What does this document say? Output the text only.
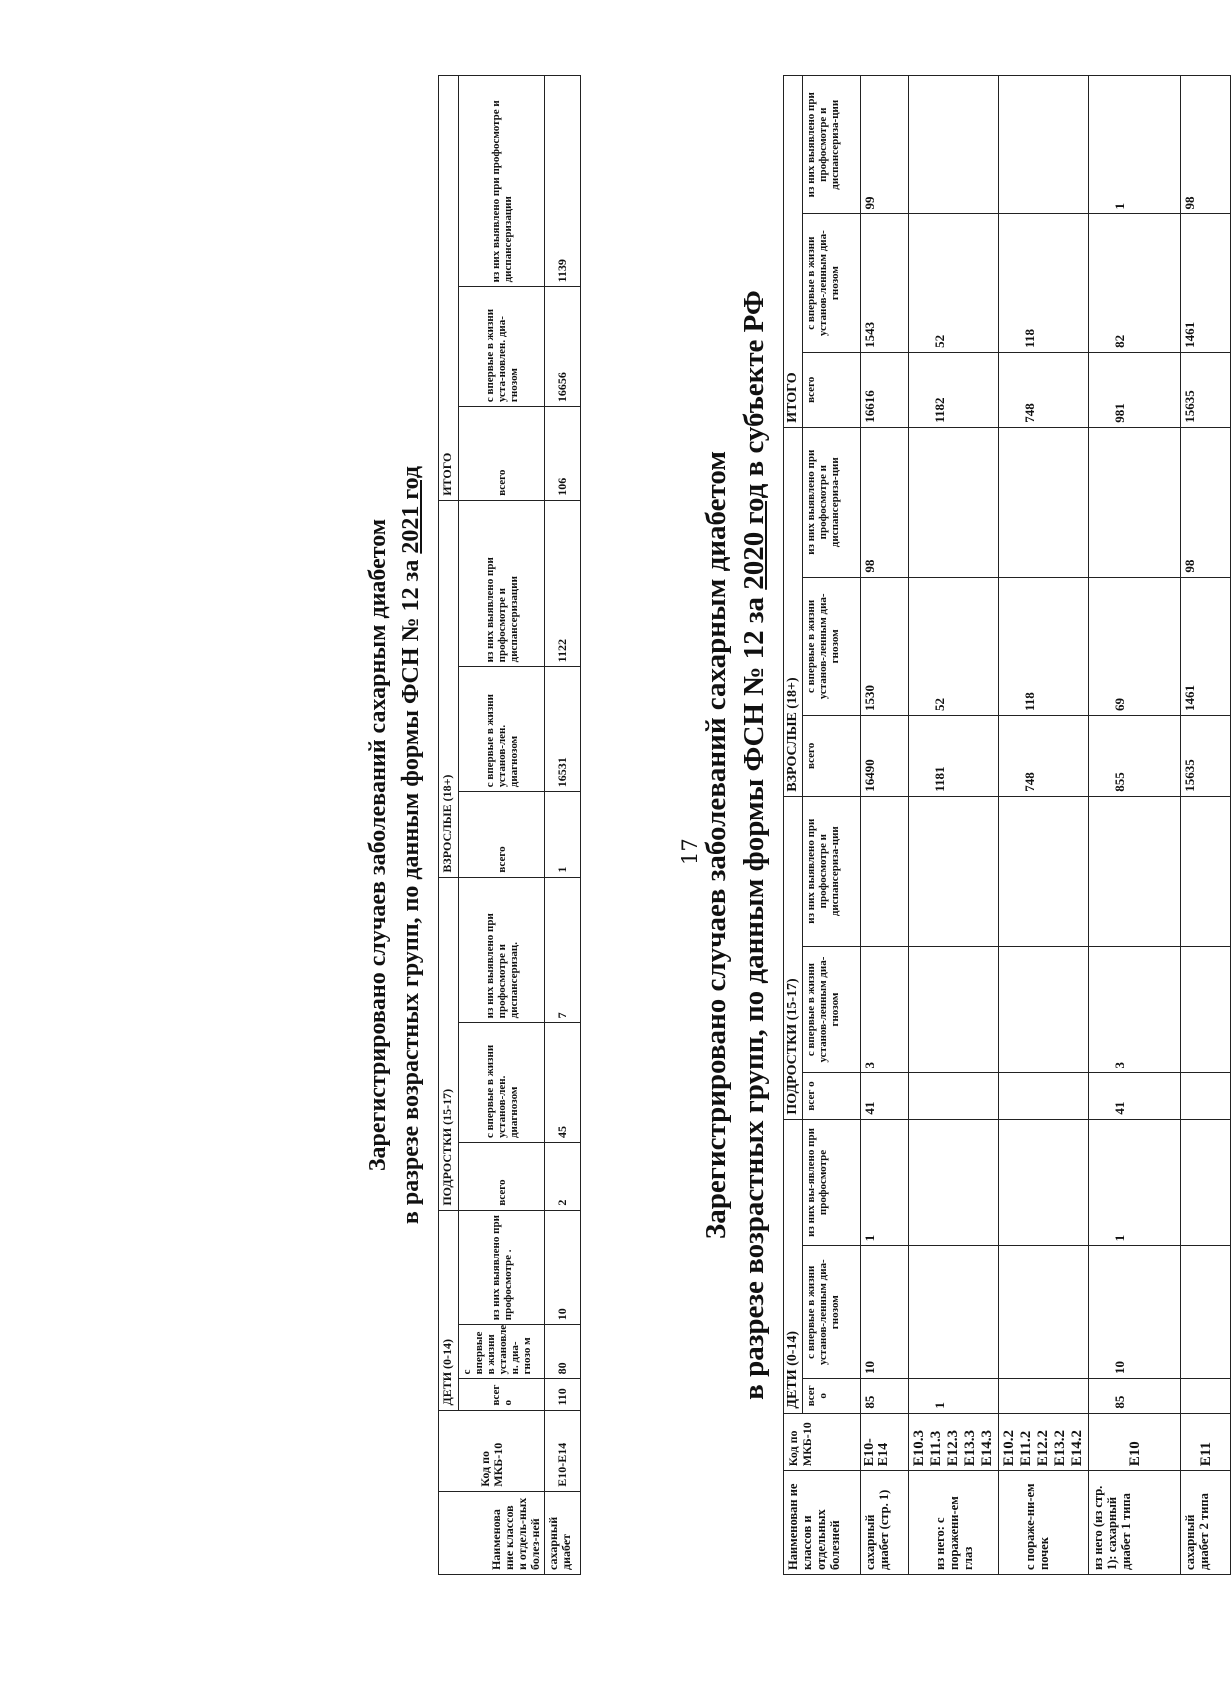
17
Зарегистрировано случаев заболеваний сахарным диабетом в разрезе возрастных групп, по данным формы ФСН № 12 за 2020 год в субъекте РФ
Наименован ие классов и отдельных болезней	Код по МКБ-10	ДЕТИ (0-14)			ПОДРОСТКИ (15-17)			ВЗРОСЛЫЕ (18+)			ИТОГО		
		всег о	с впервые в жизни установ-ленным диа-гнозом	из них вы-явлено при профосмотре	всег о	с впервые в жизни установ-ленным диа-гнозом	из них выявлено при профосмотре и диспансериза-ции	всего	с впервые в жизни установ-ленным диа-гнозом	из них выявлено при профосмотре и диспансериза-ции	всего	с впервые в жизни установ-ленным диа-гнозом	из них выявлено при профосмотре и диспансериза-ции
сахарный диабет (стр. 1)	E10-E14	85	10	1	41	3		16490	1530	98	16616	1543	99
из него: с поражени-ем глаз	E10.3 E11.3 E12.3 E13.3 E14.3	1						1181	52		1182	52	
с пораже-ни-ем почек	E10.2 E11.2 E12.2 E13.2 E14.2							748	118		748	118	
из него (из стр. 1): сахарный диабет 1 типа	E10	85	10	1	41	3		855	69		981	82	1
сахарный диабет 2 типа	E11							15635	1461	98	15635	1461	98
Зарегистрировано случаев заболеваний сахарным диабетом в разрезе возрастных групп, по данным формы ФСН № 12 за 2021 год
Наименова ние классов и отдель-ных болез-ней	Код по МКБ-10	ДЕТИ (0-14)			ПОДРОСТКИ (15-17)			ВЗРОСЛЫЕ (18+)			ИТОГО		
		всег о	с впервые в жизни установле н. диа-гнозо м	из них выявлено при профосмотре .	всего	с впервые в жизни установ-лен. диагнозом	из них выявлено при профосмотре и диспансеризац.	всего	с впервые в жизни установ-лен. диагнозом	из них выявлено при профосмотре и диспансеризации	всего	с впервые в жизни уста-новлен. диа-гнозом	из них выявлено при профосмотре и диспансеризации
сахарный диабет	E10-E14	110	80	10	2	45	7	1	16531	1122	106	16656	1139
